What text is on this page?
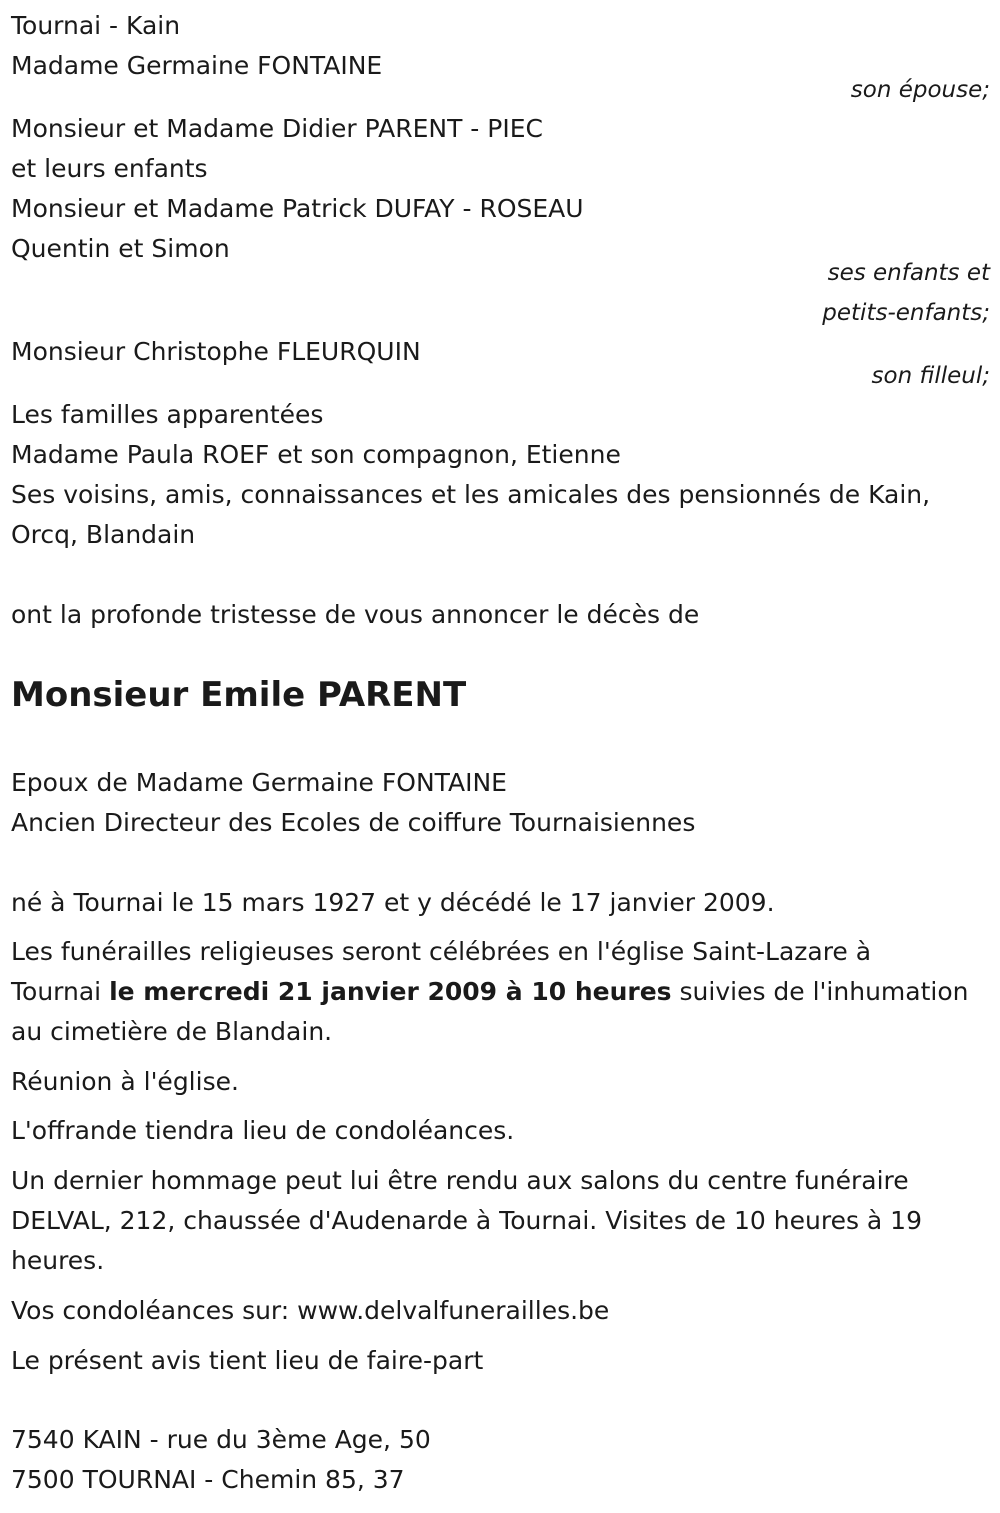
Tournai - Kain

Madame Germaine FONTAINE

son épouse;

Monsieur et Madame Didier PARENT - PIEC

et leurs enfants

Monsieur et Madame Patrick DUFAY - ROSEAU

Quentin et Simon

ses enfants et

petits-enfants;

Monsieur Christophe FLEURQUIN

son filleul;

Les familles apparentées

Madame Paula ROEF et son compagnon, Etienne

Ses voisins, amis, connaissances et les amicales des pensionnés de Kain,

Orcq, Blandain

ont la profonde tristesse de vous annoncer le décès de

Monsieur Emile PARENT

Epoux de Madame Germaine FONTAINE

Ancien Directeur des Ecoles de coiffure Tournaisiennes

né à Tournai le 15 mars 1927 et y décédé le 17 janvier 2009.

Les funérailles religieuses seront célébrées en l'église Saint-Lazare à

Tournai le mercredi 21 janvier 2009 à 10 heures suivies de l'inhumation

au cimetière de Blandain.

Réunion à l'église.

L'offrande tiendra lieu de condoléances.

Un dernier hommage peut lui être rendu aux salons du centre funéraire

DELVAL, 212, chaussée d'Audenarde à Tournai. Visites de 10 heures à 19

heures.

Vos condoléances sur: www.delvalfunerailles.be

Le présent avis tient lieu de faire-part

7540 KAIN - rue du 3ème Age, 50

7500 TOURNAI - Chemin 85, 37
